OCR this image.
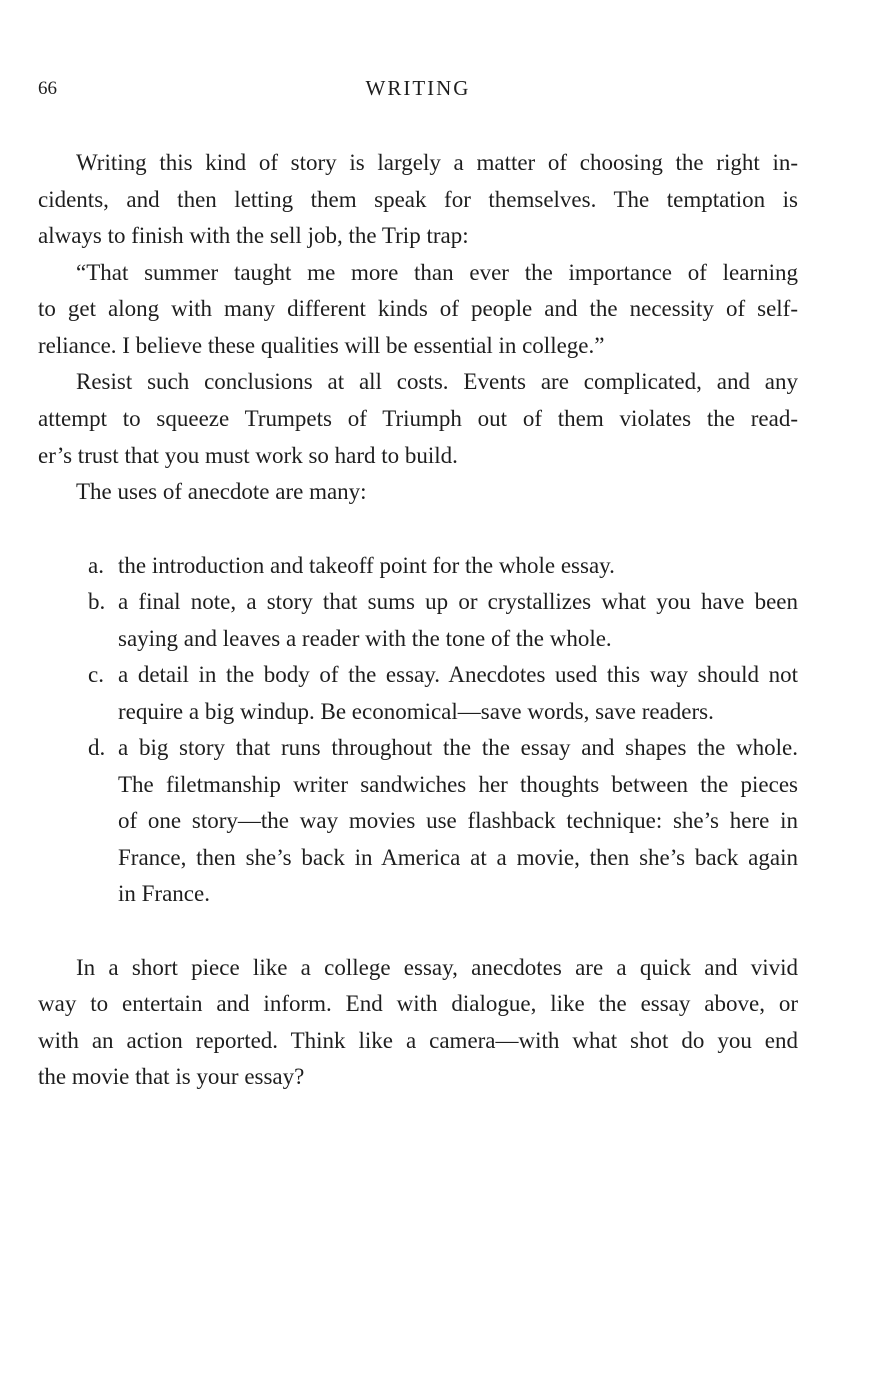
66	WRITING
Writing this kind of story is largely a matter of choosing the right in-
cidents, and then letting them speak for themselves. The temptation is
always to finish with the sell job, the Trip trap:
“That summer taught me more than ever the importance of learning
to get along with many different kinds of people and the necessity of self-
reliance. I believe these qualities will be essential in college.”
Resist such conclusions at all costs. Events are complicated, and any
attempt to squeeze Trumpets of Triumph out of them violates the read-
er’s trust that you must work so hard to build.
The uses of anecdote are many:
a. the introduction and takeoff point for the whole essay.
b. a final note, a story that sums up or crystallizes what you have been
saying and leaves a reader with the tone of the whole.
c. a detail in the body of the essay. Anecdotes used this way should not
require a big windup. Be economical—save words, save readers.
d. a big story that runs throughout the the essay and shapes the whole.
The filetmanship writer sandwiches her thoughts between the pieces
of one story—the way movies use flashback technique: she’s here in
France, then she’s back in America at a movie, then she’s back again
in France.
In a short piece like a college essay, anecdotes are a quick and vivid
way to entertain and inform. End with dialogue, like the essay above, or
with an action reported. Think like a camera—with what shot do you end
the movie that is your essay?
